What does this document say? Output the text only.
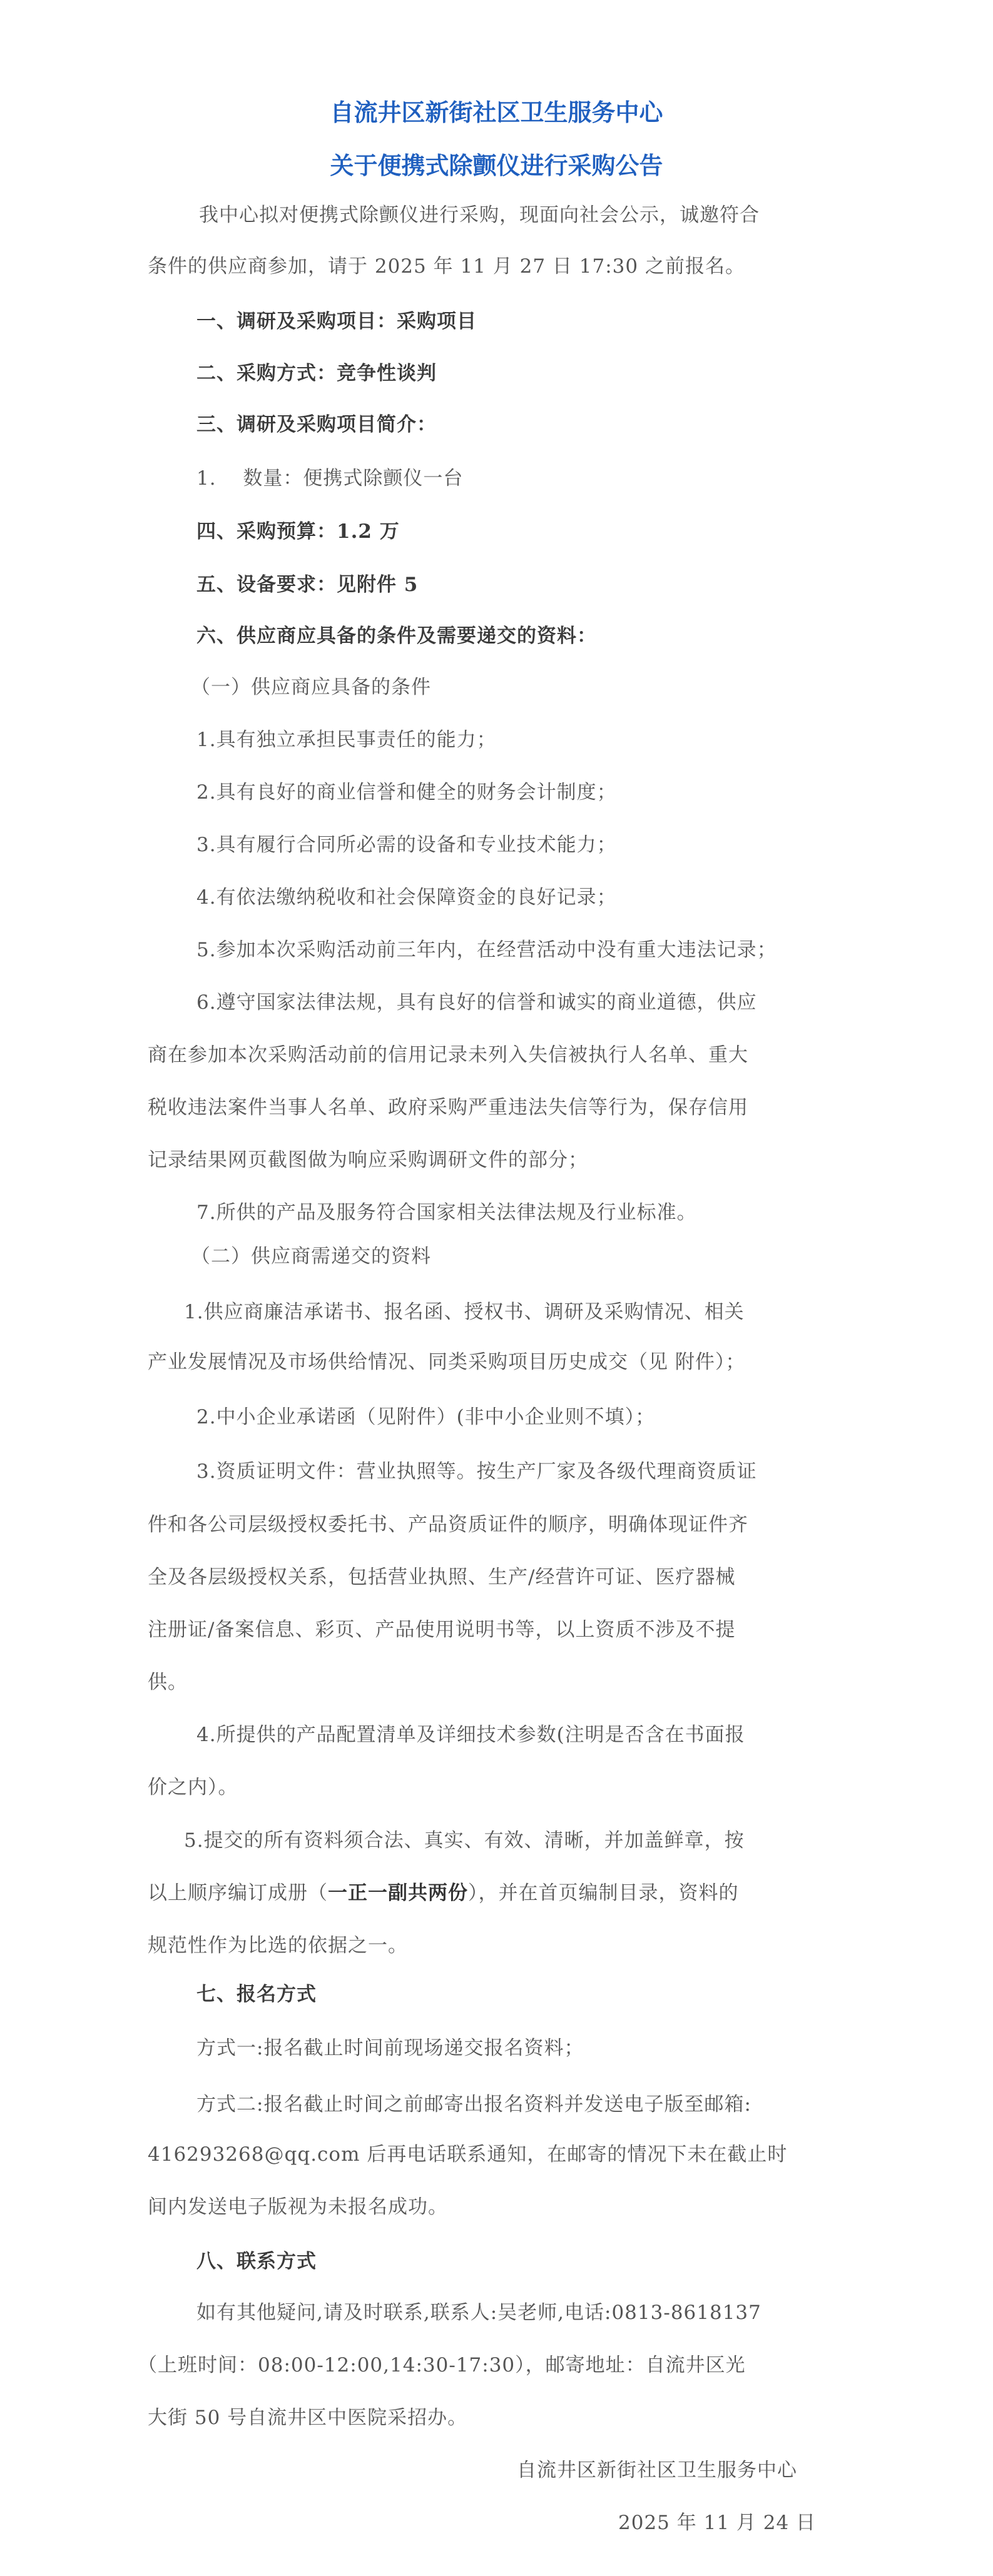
自流井区新街社区卫生服务中心
关于便携式除颤仪进行采购公告
我中心拟对便携式除颤仪进行采购，现面向社会公示，诚邀符合
条件的供应商参加，请于 2025 年 11 月 27 日 17:30 之前报名。
一、调研及采购项目：采购项目
二、采购方式：竞争性谈判
三、调研及采购项目简介：
1.　 数量：便携式除颤仪一台
四、采购预算：1.2 万
五、设备要求：见附件 5
六、供应商应具备的条件及需要递交的资料：
（一）供应商应具备的条件
1.具有独立承担民事责任的能力；
2.具有良好的商业信誉和健全的财务会计制度；
3.具有履行合同所必需的设备和专业技术能力；
4.有依法缴纳税收和社会保障资金的良好记录；
5.参加本次采购活动前三年内，在经营活动中没有重大违法记录；
6.遵守国家法律法规，具有良好的信誉和诚实的商业道德，供应
商在参加本次采购活动前的信用记录未列入失信被执行人名单、重大
税收违法案件当事人名单、政府采购严重违法失信等行为，保存信用
记录结果网页截图做为响应采购调研文件的部分；
7.所供的产品及服务符合国家相关法律法规及行业标准。
（二）供应商需递交的资料
1.供应商廉洁承诺书、报名函、授权书、调研及采购情况、相关
产业发展情况及市场供给情况、同类采购项目历史成交（见 附件）；
2.中小企业承诺函（见附件）(非中小企业则不填）；
3.资质证明文件：营业执照等。按生产厂家及各级代理商资质证
件和各公司层级授权委托书、产品资质证件的顺序，明确体现证件齐
全及各层级授权关系，包括营业执照、生产/经营许可证、医疗器械
注册证/备案信息、彩页、产品使用说明书等，以上资质不涉及不提
供。
4.所提供的产品配置清单及详细技术参数(注明是否含在书面报
价之内）。
5.提交的所有资料须合法、真实、有效、清晰，并加盖鲜章，按
以上顺序编订成册（一正一副共两份），并在首页编制目录，资料的
规范性作为比选的依据之一。
七、报名方式
方式一:报名截止时间前现场递交报名资料；
方式二:报名截止时间之前邮寄出报名资料并发送电子版至邮箱:
416293268@qq.com 后再电话联系通知，在邮寄的情况下未在截止时
间内发送电子版视为未报名成功。
八、联系方式
如有其他疑问,请及时联系,联系人:吴老师,电话:0813-8618137
（上班时间：08:00-12:00,14:30-17:30），邮寄地址：自流井区光
大街 50 号自流井区中医院采招办。
自流井区新街社区卫生服务中心
2025 年 11 月 24 日
